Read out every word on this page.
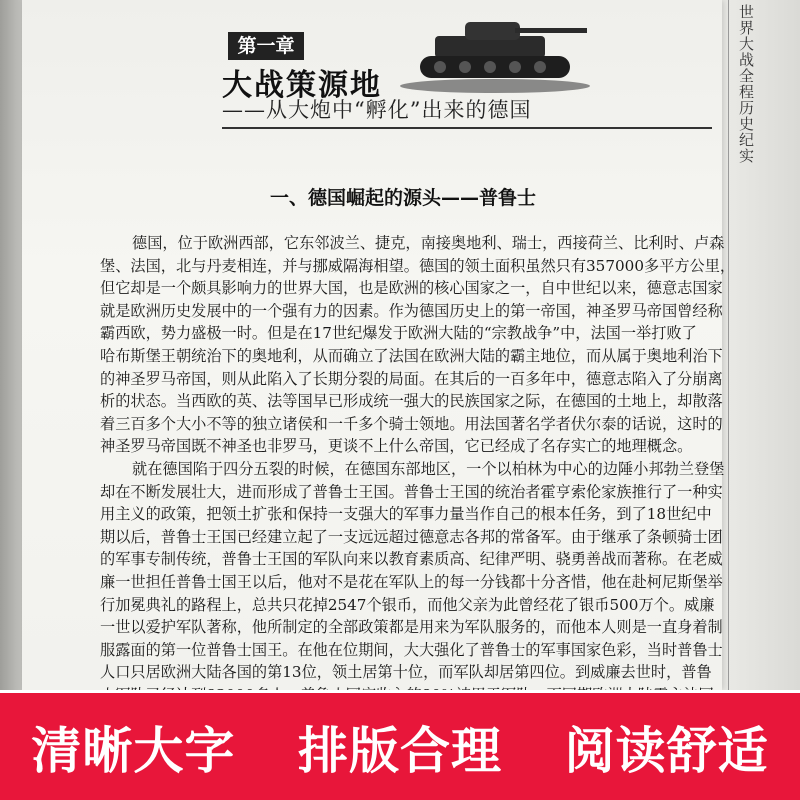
世界大战全程历史纪实
第一章
大战策源地
——从大炮中“孵化”出来的德国
一、德国崛起的源头——普鲁士
德国，位于欧洲西部，它东邻波兰、捷克，南接奥地利、瑞士，西接荷兰、比利时、卢森
堡、法国，北与丹麦相连，并与挪威隔海相望。德国的领土面积虽然只有357000多平方公里，
但它却是一个颇具影响力的世界大国，也是欧洲的核心国家之一，自中世纪以来，德意志国家
就是欧洲历史发展中的一个强有力的因素。作为德国历史上的第一帝国，神圣罗马帝国曾经称
霸西欧，势力盛极一时。但是在17世纪爆发于欧洲大陆的“宗教战争”中，法国一举打败了
哈布斯堡王朝统治下的奥地利，从而确立了法国在欧洲大陆的霸主地位，而从属于奥地利治下
的神圣罗马帝国，则从此陷入了长期分裂的局面。在其后的一百多年中，德意志陷入了分崩离
析的状态。当西欧的英、法等国早已形成统一强大的民族国家之际，在德国的土地上，却散落
着三百多个大小不等的独立诸侯和一千多个骑士领地。用法国著名学者伏尔泰的话说，这时的
神圣罗马帝国既不神圣也非罗马，更谈不上什么帝国，它已经成了名存实亡的地理概念。
就在德国陷于四分五裂的时候，在德国东部地区，一个以柏林为中心的边陲小邦勃兰登堡
却在不断发展壮大，进而形成了普鲁士王国。普鲁士王国的统治者霍亨索伦家族推行了一种实
用主义的政策，把领土扩张和保持一支强大的军事力量当作自己的根本任务，到了18世纪中
期以后，普鲁士王国已经建立起了一支远远超过德意志各邦的常备军。由于继承了条顿骑士团
的军事专制传统，普鲁士王国的军队向来以教育素质高、纪律严明、骁勇善战而著称。在老威
廉一世担任普鲁士国王以后，他对不是花在军队上的每一分钱都十分吝惜，他在赴柯尼斯堡举
行加冕典礼的路程上，总共只花掉2547个银币，而他父亲为此曾经花了银币500万个。威廉
一世以爱护军队著称，他所制定的全部政策都是用来为军队服务的，而他本人则是一直身着制
服露面的第一位普鲁士国王。在他在位期间，大大强化了普鲁士的军事国家色彩，当时普鲁士
人口只居欧洲大陆各国的第13位，领土居第十位，而军队却居第四位。到威廉去世时，普鲁
清晰大字 排版合理 阅读舒适
